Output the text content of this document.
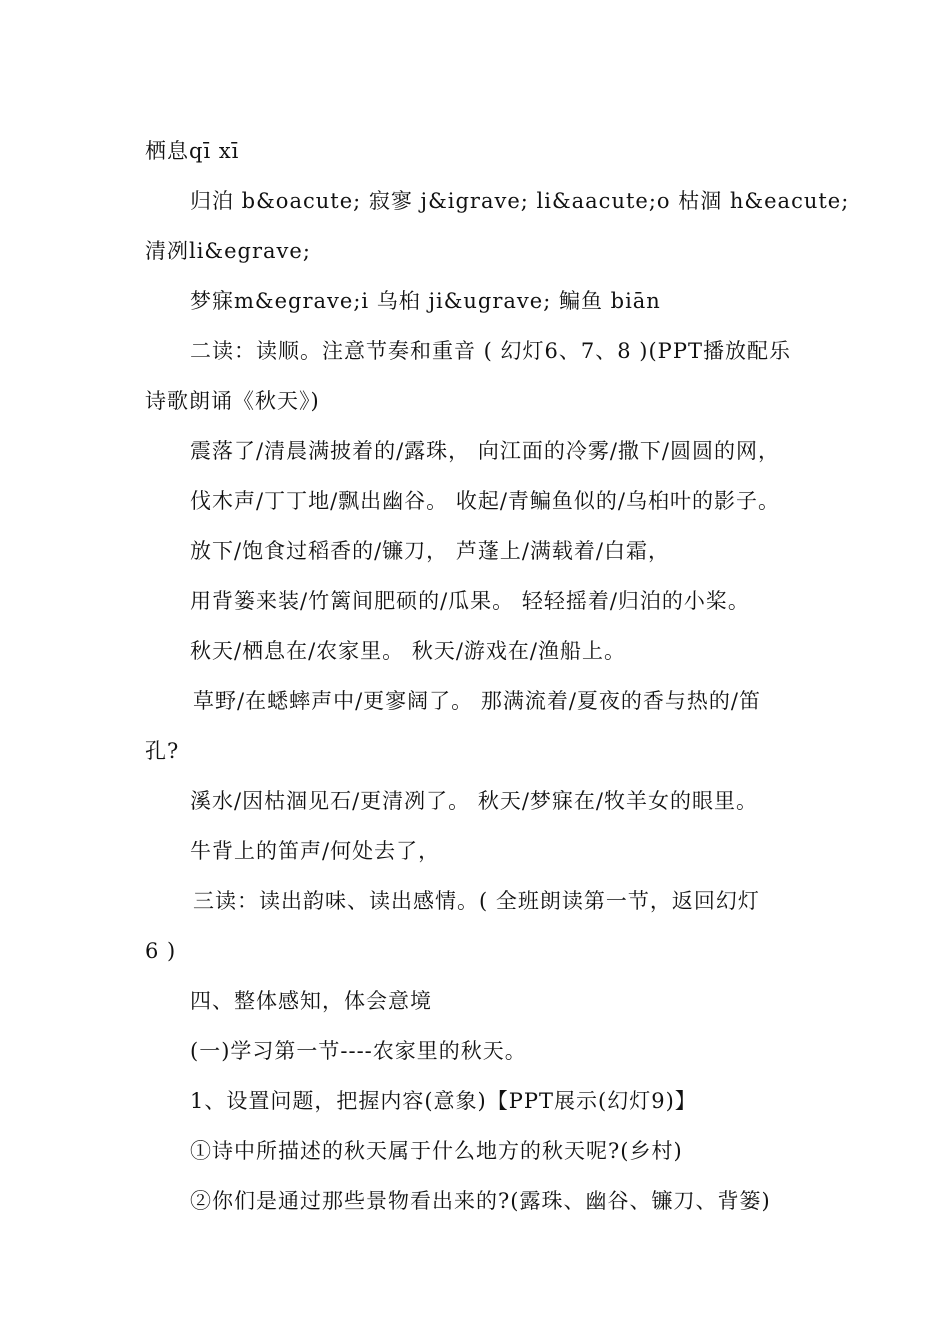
栖息qī xī
归泊 b&oacute; 寂寥 j&igrave; li&aacute;o 枯涸 h&eacute;
清冽li&egrave;
梦寐m&egrave;i 乌桕 ji&ugrave; 鳊鱼 biān
二读：读顺。注意节奏和重音 ( 幻灯6、7、8 )(PPT播放配乐
诗歌朗诵《秋天》)
震落了/清晨满披着的/露珠， 向江面的冷雾/撒下/圆圆的网，
伐木声/丁丁地/飘出幽谷。 收起/青鳊鱼似的/乌桕叶的影子。
放下/饱食过稻香的/镰刀， 芦蓬上/满载着/白霜，
用背篓来装/竹篱间肥硕的/瓜果。 轻轻摇着/归泊的小桨。
秋天/栖息在/农家里。 秋天/游戏在/渔船上。
草野/在蟋蟀声中/更寥阔了。 那满流着/夏夜的香与热的/笛
孔?
溪水/因枯涸见石/更清冽了。 秋天/梦寐在/牧羊女的眼里。
牛背上的笛声/何处去了，
三读：读出韵味、读出感情。( 全班朗读第一节，返回幻灯
6 )
四、整体感知，体会意境
(一)学习第一节----农家里的秋天。
1、设置问题，把握内容(意象)【PPT展示(幻灯9)】
①诗中所描述的秋天属于什么地方的秋天呢?(乡村)
②你们是通过那些景物看出来的?(露珠、幽谷、镰刀、背篓)
